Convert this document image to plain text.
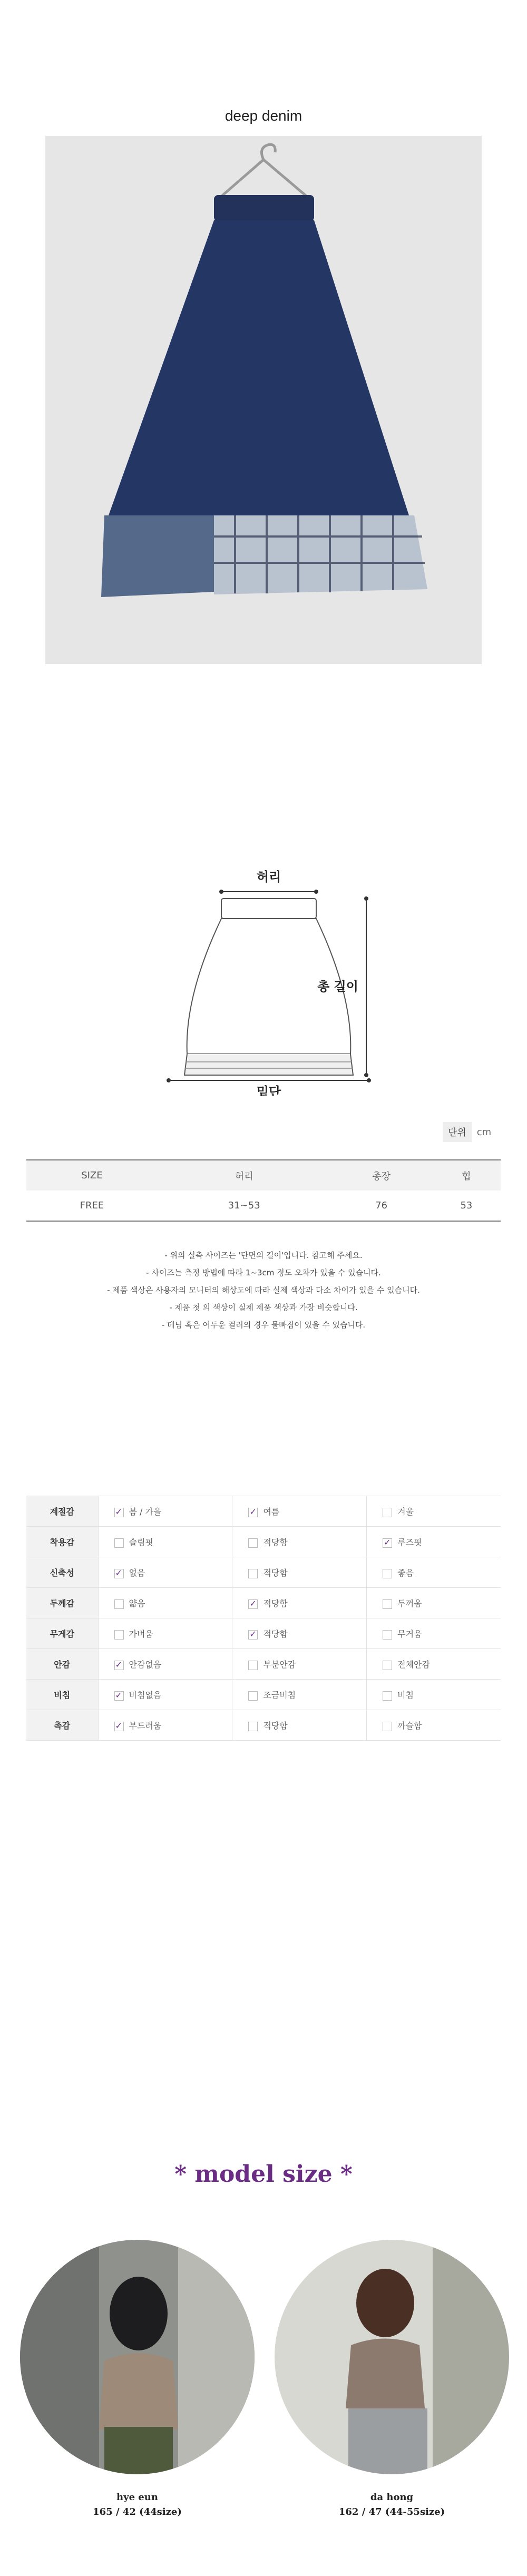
deep denim
허리
총 길이
밑단
단위	cm
SIZE	허리	총장	힙
FREE	31~53	76	53
- 위의 실측 사이즈는 '단면의 길이'입니다. 참고해 주세요.
- 사이즈는 측정 방법에 따라 1~3cm 정도 오차가 있을 수 있습니다.
- 제품 색상은 사용자의 모니터의 해상도에 따라 실제 색상과 다소 차이가 있을 수 있습니다.
- 제품 첫 의 색상이 실제 제품 색상과 가장 비슷합니다.
- 데님 혹은 어두운 컬러의 경우 물빠짐이 있을 수 있습니다.
계절감	✓봄 / 가을	✓여름	겨울
착용감	슬림핏	적당함	✓루즈핏
신축성	✓없음	적당함	좋음
두께감	얇음	✓적당함	두꺼움
무게감	가벼움	✓적당함	무거움
안감	✓안감없음	부분안감	전체안감
비침	✓비침없음	조금비침	비침
촉감	✓부드러움	적당함	까슬함
* model size *
hye eun
165 / 42 (44size)
da hong
162 / 47 (44-55size)
